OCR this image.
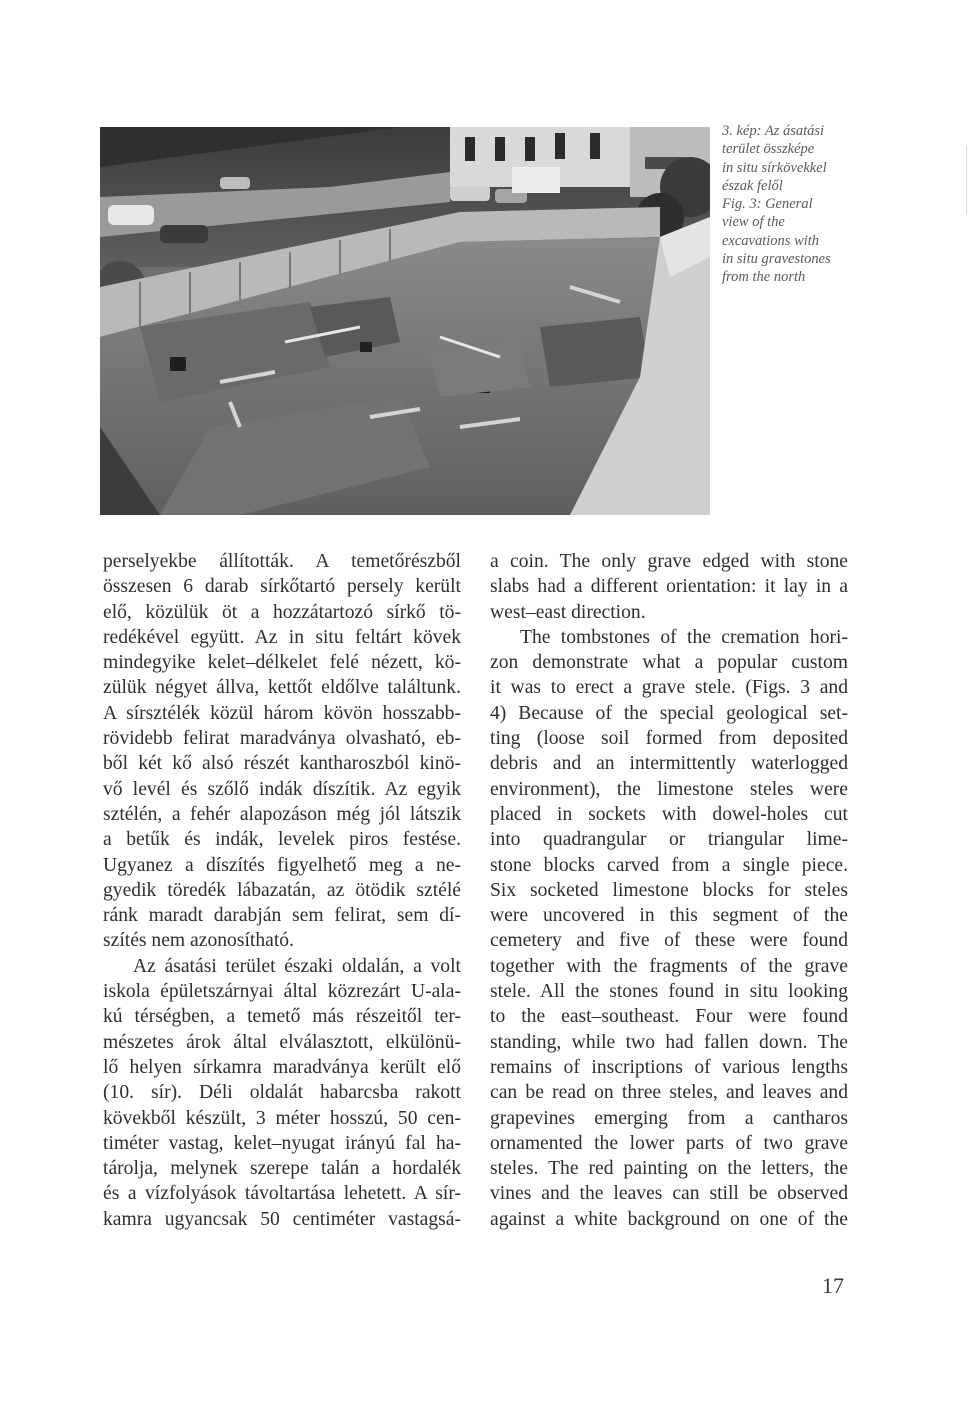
3. kép: Az ásatási
terület összképe
in situ sírkövekkel
észak felől
Fig. 3: General
view of the
excavations with
in situ gravestones
from the north

perselyekbe állították. A temetőrészből
összesen 6 darab sírkőtartó persely került
elő, közülük öt a hozzátartozó sírkő tö-
redékével együtt. Az in situ feltárt kövek
mindegyike kelet–délkelet felé nézett, kö-
zülük négyet állva, kettőt eldőlve találtunk.
A sírsztélék közül három kövön hosszabb-
rövidebb felirat maradványa olvasható, eb-
ből két kő alsó részét kantharoszból kinö-
vő levél és szőlő indák díszítik. Az egyik
sztélén, a fehér alapozáson még jól látszik
a betűk és indák, levelek piros festése.
Ugyanez a díszítés figyelhető meg a ne-
gyedik töredék lábazatán, az ötödik sztélé
ránk maradt darabján sem felirat, sem dí-
szítés nem azonosítható.

Az ásatási terület északi oldalán, a volt
iskola épületszárnyai által közrezárt U-ala-
kú térségben, a temető más részeitől ter-
mészetes árok által elválasztott, elkülönü-
lő helyen sírkamra maradványa került elő
(10. sír). Déli oldalát habarcsba rakott
kövekből készült, 3 méter hosszú, 50 cen-
timéter vastag, kelet–nyugat irányú fal ha-
tárolja, melynek szerepe talán a hordalék
és a vízfolyások távoltartása lehetett. A sír-
kamra ugyancsak 50 centiméter vastagsá-

a coin. The only grave edged with stone
slabs had a different orientation: it lay in a
west–east direction.

The tombstones of the cremation hori-
zon demonstrate what a popular custom
it was to erect a grave stele. (Figs. 3 and
4) Because of the special geological set-
ting (loose soil formed from deposited
debris and an intermittently waterlogged
environment), the limestone steles were
placed in sockets with dowel-holes cut
into quadrangular or triangular lime-
stone blocks carved from a single piece.
Six socketed limestone blocks for steles
were uncovered in this segment of the
cemetery and five of these were found
together with the fragments of the grave
stele. All the stones found in situ looking
to the east–southeast. Four were found
standing, while two had fallen down. The
remains of inscriptions of various lengths
can be read on three steles, and leaves and
grapevines emerging from a cantharos
ornamented the lower parts of two grave
steles. The red painting on the letters, the
vines and the leaves can still be observed
against a white background on one of the

17
